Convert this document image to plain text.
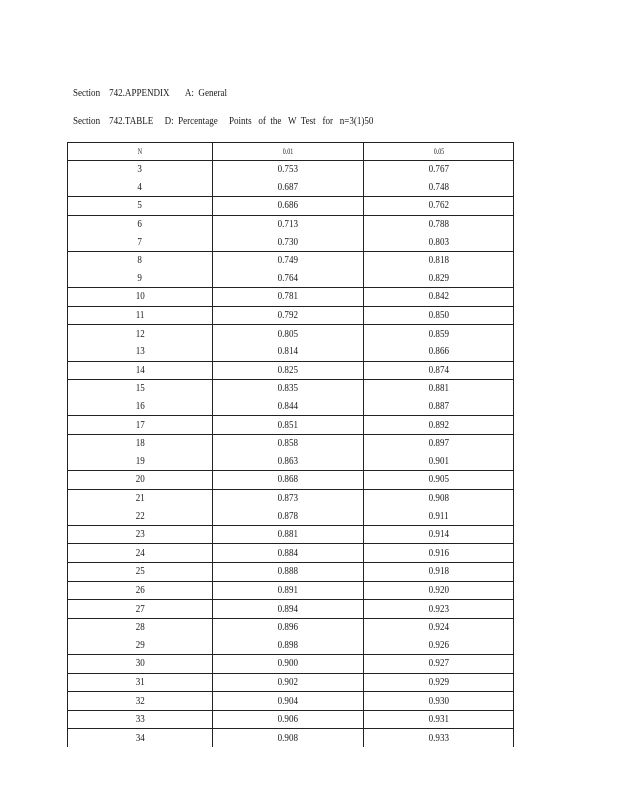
Section    742.APPENDIX       A:  General
Section    742.TABLE     D:  Percentage     Points   of  the   W  Test   for   n=3(1)50
N	0.01	0.05
3	0.753	0.767
4	0.687	0.748
5	0.686	0.762
6	0.713	0.788
7	0.730	0.803
8	0.749	0.818
9	0.764	0.829
10	0.781	0.842
11	0.792	0.850
12	0.805	0.859
13	0.814	0.866
14	0.825	0.874
15	0.835	0.881
16	0.844	0.887
17	0.851	0.892
18	0.858	0.897
19	0.863	0.901
20	0.868	0.905
21	0.873	0.908
22	0.878	0.911
23	0.881	0.914
24	0.884	0.916
25	0.888	0.918
26	0.891	0.920
27	0.894	0.923
28	0.896	0.924
29	0.898	0.926
30	0.900	0.927
31	0.902	0.929
32	0.904	0.930
33	0.906	0.931
34	0.908	0.933
